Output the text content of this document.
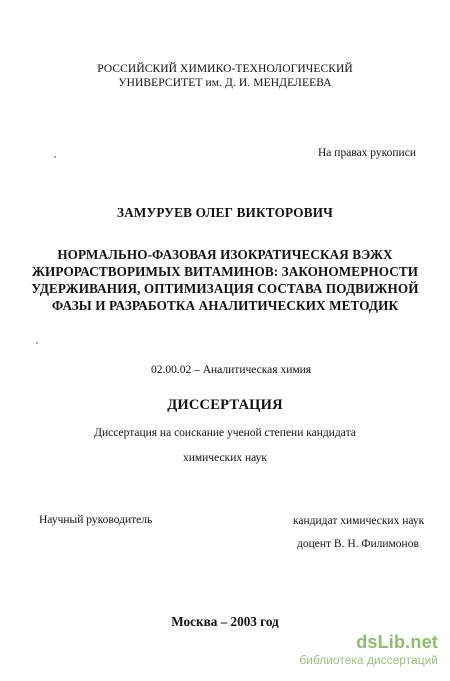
РОССИЙСКИЙ ХИМИКО-ТЕХНОЛОГИЧЕСКИЙ
УНИВЕРСИТЕТ им. Д. И. МЕНДЕЛЕЕВА
На правах рукописи
ЗАМУРУЕВ ОЛЕГ ВИКТОРОВИЧ
НОРМАЛЬНО-ФАЗОВАЯ ИЗОКРАТИЧЕСКАЯ ВЭЖХ
ЖИРОРАСТВОРИМЫХ ВИТАМИНОВ: ЗАКОНОМЕРНОСТИ
УДЕРЖИВАНИЯ, ОПТИМИЗАЦИЯ СОСТАВА ПОДВИЖНОЙ
ФАЗЫ И РАЗРАБОТКА АНАЛИТИЧЕСКИХ МЕТОДИК
02.00.02 – Аналитическая химия
ДИССЕРТАЦИЯ
Диссертация на соискание ученой степени кандидата
химических наук
Научный руководитель	кандидат химических наук
доцент В. Н. Филимонов
Москва – 2003 год
dsLib.net
библиотека диссертаций
